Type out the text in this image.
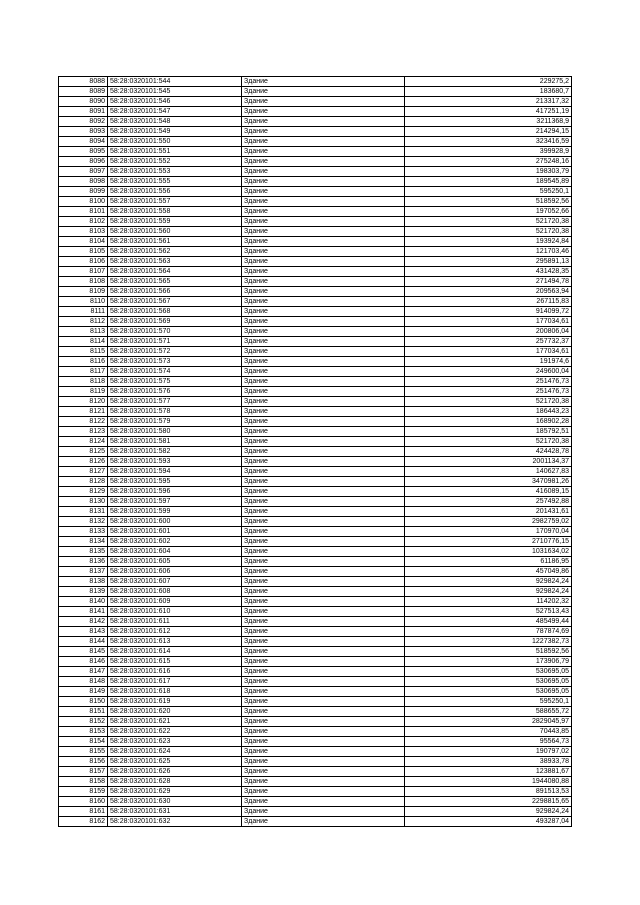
8088	58:28:0320101:544	Здание	229275,2
8089	58:28:0320101:545	Здание	183680,7
8090	58:28:0320101:546	Здание	213317,32
8091	58:28:0320101:547	Здание	417251,19
8092	58:28:0320101:548	Здание	3211368,9
8093	58:28:0320101:549	Здание	214294,15
8094	58:28:0320101:550	Здание	323416,59
8095	58:28:0320101:551	Здание	399928,9
8096	58:28:0320101:552	Здание	275248,16
8097	58:28:0320101:553	Здание	198303,79
8098	58:28:0320101:555	Здание	189545,89
8099	58:28:0320101:556	Здание	595250,1
8100	58:28:0320101:557	Здание	518592,56
8101	58:28:0320101:558	Здание	197052,66
8102	58:28:0320101:559	Здание	521720,38
8103	58:28:0320101:560	Здание	521720,38
8104	58:28:0320101:561	Здание	193924,84
8105	58:28:0320101:562	Здание	121703,46
8106	58:28:0320101:563	Здание	295891,13
8107	58:28:0320101:564	Здание	431428,35
8108	58:28:0320101:565	Здание	271494,78
8109	58:28:0320101:566	Здание	209563,94
8110	58:28:0320101:567	Здание	267115,83
8111	58:28:0320101:568	Здание	914099,72
8112	58:28:0320101:569	Здание	177034,61
8113	58:28:0320101:570	Здание	200806,04
8114	58:28:0320101:571	Здание	257732,37
8115	58:28:0320101:572	Здание	177034,61
8116	58:28:0320101:573	Здание	191974,6
8117	58:28:0320101:574	Здание	249600,04
8118	58:28:0320101:575	Здание	251476,73
8119	58:28:0320101:576	Здание	251476,73
8120	58:28:0320101:577	Здание	521720,38
8121	58:28:0320101:578	Здание	186443,23
8122	58:28:0320101:579	Здание	168902,28
8123	58:28:0320101:580	Здание	185792,51
8124	58:28:0320101:581	Здание	521720,38
8125	58:28:0320101:582	Здание	424428,78
8126	58:28:0320101:593	Здание	2001134,37
8127	58:28:0320101:594	Здание	140627,83
8128	58:28:0320101:595	Здание	3470981,26
8129	58:28:0320101:596	Здание	416089,15
8130	58:28:0320101:597	Здание	257492,88
8131	58:28:0320101:599	Здание	201431,61
8132	58:28:0320101:600	Здание	2982759,02
8133	58:28:0320101:601	Здание	170970,04
8134	58:28:0320101:602	Здание	2710776,15
8135	58:28:0320101:604	Здание	1031634,02
8136	58:28:0320101:605	Здание	61186,95
8137	58:28:0320101:606	Здание	457049,86
8138	58:28:0320101:607	Здание	929824,24
8139	58:28:0320101:608	Здание	929824,24
8140	58:28:0320101:609	Здание	114202,32
8141	58:28:0320101:610	Здание	527513,43
8142	58:28:0320101:611	Здание	485499,44
8143	58:28:0320101:612	Здание	787874,69
8144	58:28:0320101:613	Здание	1227382,73
8145	58:28:0320101:614	Здание	518592,56
8146	58:28:0320101:615	Здание	173906,79
8147	58:28:0320101:616	Здание	530695,05
8148	58:28:0320101:617	Здание	530695,05
8149	58:28:0320101:618	Здание	530695,05
8150	58:28:0320101:619	Здание	595250,1
8151	58:28:0320101:620	Здание	588655,72
8152	58:28:0320101:621	Здание	2829045,97
8153	58:28:0320101:622	Здание	70443,85
8154	58:28:0320101:623	Здание	95564,73
8155	58:28:0320101:624	Здание	190797,02
8156	58:28:0320101:625	Здание	38933,78
8157	58:28:0320101:626	Здание	123881,67
8158	58:28:0320101:628	Здание	1944080,88
8159	58:28:0320101:629	Здание	891513,53
8160	58:28:0320101:630	Здание	2298815,65
8161	58:28:0320101:631	Здание	929824,24
8162	58:28:0320101:632	Здание	493287,04
